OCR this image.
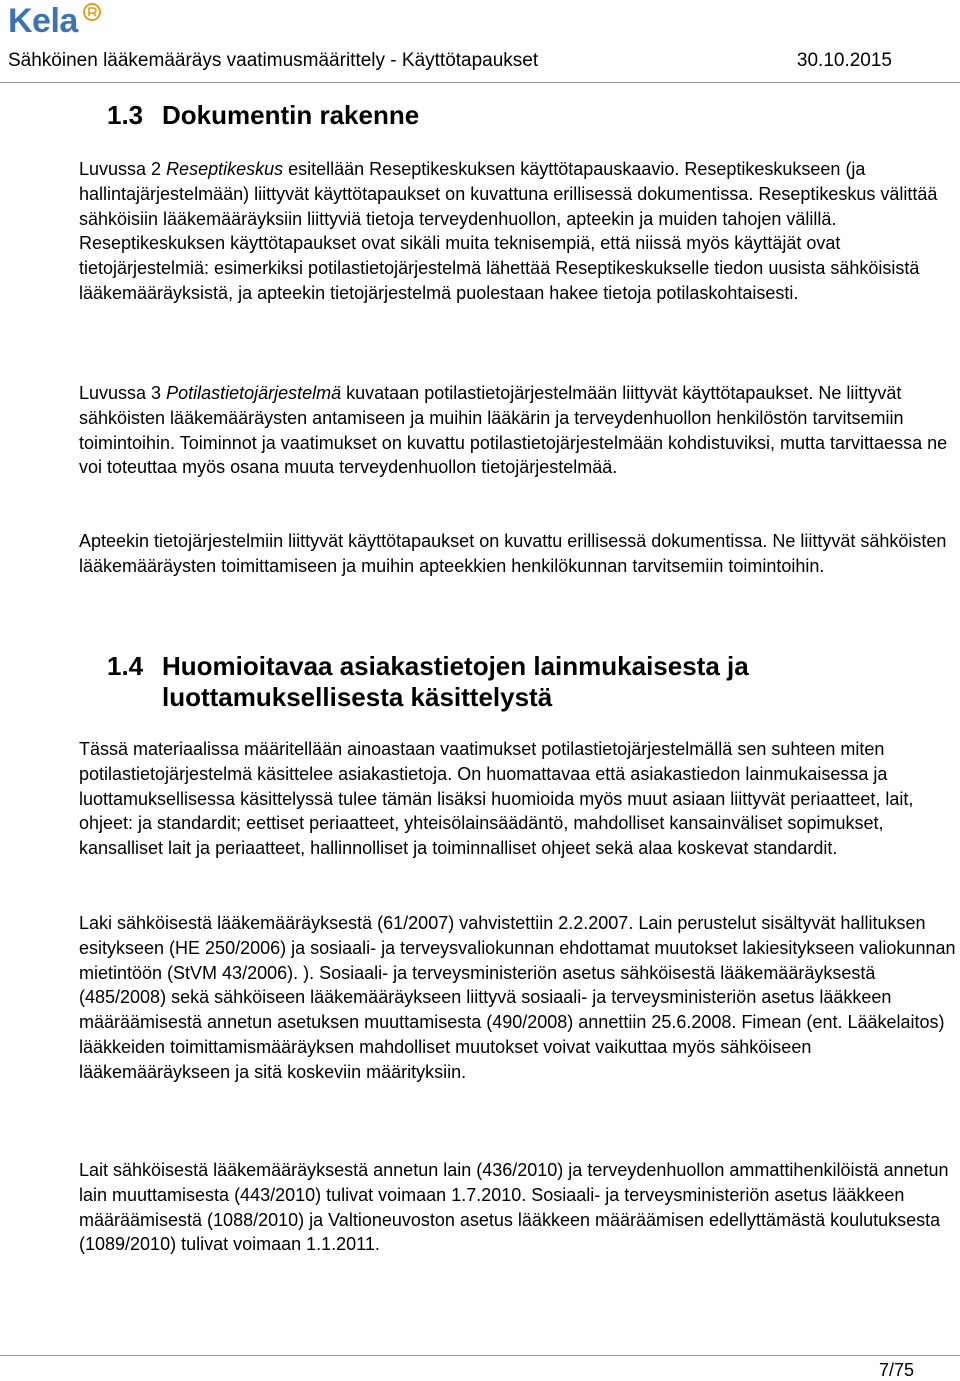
Kela
Sähköinen lääkemääräys vaatimusmäärittely - Käyttötapaukset	30.10.2015
1.3 Dokumentin rakenne

Luvussa 2 Reseptikeskus esitellään Reseptikeskuksen käyttötapauskaavio. Reseptikeskukseen (ja hallintajärjestelmään) liittyvät käyttötapaukset on kuvattuna erillisessä dokumentissa. Reseptikeskus välittää sähköisiin lääkemääräyksiin liittyviä tietoja terveydenhuollon, apteekin ja muiden tahojen välillä. Reseptikeskuksen käyttötapaukset ovat sikäli muita teknisempiä, että niissä myös käyttäjät ovat tietojärjestelmiä: esimerkiksi potilastietojärjestelmä lähettää Reseptikeskukselle tiedon uusista sähköisistä lääkemääräyksistä, ja apteekin tietojärjestelmä puolestaan hakee tietoja potilaskohtaisesti.

Luvussa 3 Potilastietojärjestelmä kuvataan potilastietojärjestelmään liittyvät käyttötapaukset. Ne liittyvät sähköisten lääkemääräysten antamiseen ja muihin lääkärin ja terveydenhuollon henkilöstön tarvitsemiin toimintoihin. Toiminnot ja vaatimukset on kuvattu potilastietojärjestelmään kohdistuviksi, mutta tarvittaessa ne voi toteuttaa myös osana muuta terveydenhuollon tietojärjestelmää.

Apteekin tietojärjestelmiin liittyvät käyttötapaukset on kuvattu erillisessä dokumentissa. Ne liittyvät sähköisten lääkemääräysten toimittamiseen ja muihin apteekkien henkilökunnan tarvitsemiin toimintoihin.

1.4 Huomioitavaa asiakastietojen lainmukaisesta ja luottamuksellisesta käsittelystä

Tässä materiaalissa määritellään ainoastaan vaatimukset potilastietojärjestelmällä sen suhteen miten potilastietojärjestelmä käsittelee asiakastietoja. On huomattavaa että asiakastiedon lainmukaisessa ja luottamuksellisessa käsittelyssä tulee tämän lisäksi huomioida myös muut asiaan liittyvät periaatteet, lait, ohjeet: ja standardit; eettiset periaatteet, yhteisölainsäädäntö, mahdolliset kansainväliset sopimukset, kansalliset lait ja periaatteet, hallinnolliset ja toiminnalliset ohjeet sekä alaa koskevat standardit.

Laki sähköisestä lääkemääräyksestä (61/2007) vahvistettiin 2.2.2007. Lain perustelut sisältyvät hallituksen esitykseen (HE 250/2006) ja sosiaali- ja terveysvaliokunnan ehdottamat muutokset lakiesitykseen valiokunnan mietintöön (StVM 43/2006). ). Sosiaali- ja terveysministeriön asetus sähköisestä lääkemääräyksestä (485/2008) sekä sähköiseen lääkemääräykseen liittyvä sosiaali- ja terveysministeriön asetus lääkkeen määräämisestä annetun asetuksen muuttamisesta (490/2008) annettiin 25.6.2008. Fimean (ent. Lääkelaitos) lääkkeiden toimittamismääräyksen mahdolliset muutokset voivat vaikuttaa myös sähköiseen lääkemääräykseen ja sitä koskeviin määrityksiin.

Lait sähköisestä lääkemääräyksestä annetun lain (436/2010) ja terveydenhuollon ammattihenkilöistä annetun lain muuttamisesta (443/2010) tulivat voimaan 1.7.2010. Sosiaali- ja terveysministeriön asetus lääkkeen määräämisestä (1088/2010) ja Valtioneuvoston asetus lääkkeen määräämisen edellyttämästä koulutuksesta (1089/2010) tulivat voimaan 1.1.2011.

7/75
